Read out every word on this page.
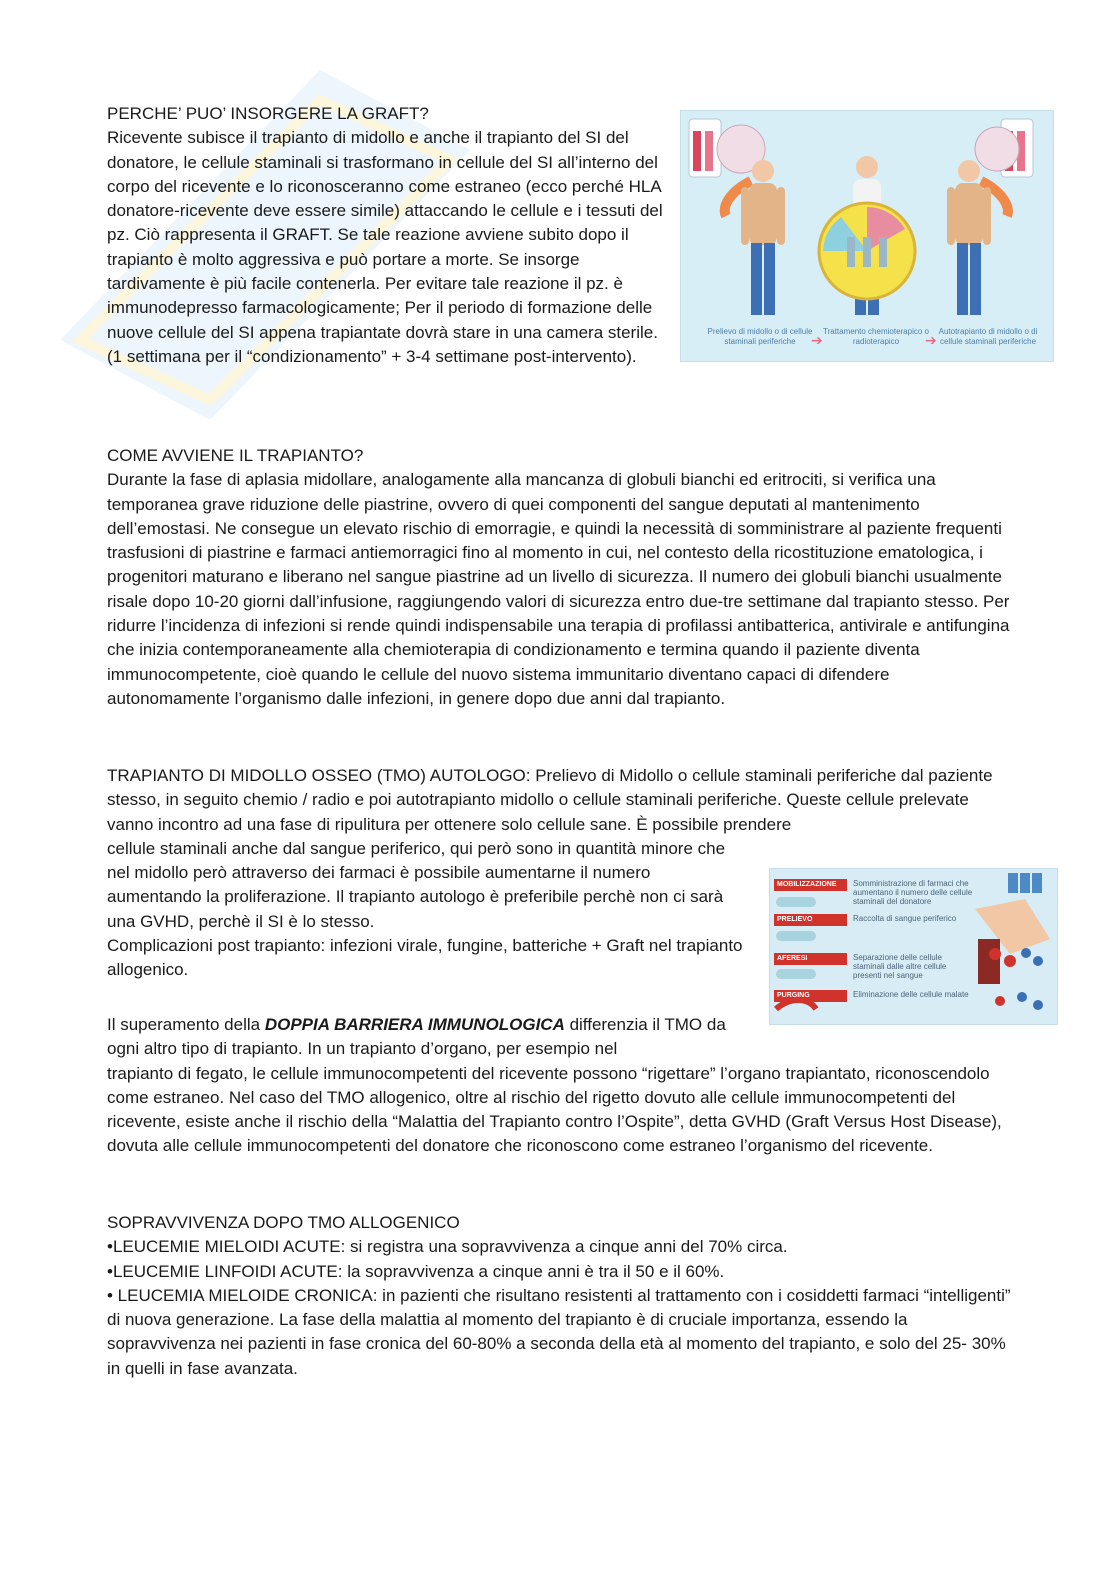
PERCHE’ PUO’ INSORGERE LA GRAFT?

Ricevente subisce il trapianto di midollo e anche il trapianto del SI del donatore, le cellule staminali si trasformano in cellule del SI all’interno del corpo del ricevente e lo riconosceranno come estraneo (ecco perché HLA donatore-ricevente deve essere simile) attaccando le cellule e i tessuti del pz. Ciò rappresenta il GRAFT. Se tale reazione avviene subito dopo il trapianto è molto aggressiva e può portare a morte. Se insorge tardivamente è più facile contenerla. Per evitare tale reazione il pz. è immunodepresso farmacologicamente; Per il periodo di formazione delle nuove cellule del SI appena trapiantate dovrà stare in una camera sterile. (1 settimana per il “condizionamento” + 3-4 settimane post-intervento).

Prelievo di midollo o di cellule staminali periferiche	➔
Trattamento chemioterapico o radioterapico	➔
Autotrapianto di midollo o di cellule staminali periferiche

COME AVVIENE IL TRAPIANTO?

Durante la fase di aplasia midollare, analogamente alla mancanza di globuli bianchi ed eritrociti, si verifica una temporanea grave riduzione delle piastrine, ovvero di quei componenti del sangue deputati al mantenimento dell’emostasi. Ne consegue un elevato rischio di emorragie, e quindi la necessità di somministrare al paziente frequenti trasfusioni di piastrine e farmaci antiemorragici fino al momento in cui, nel contesto della ricostituzione ematologica, i progenitori maturano e liberano nel sangue piastrine ad un livello di sicurezza. Il numero dei globuli bianchi usualmente risale dopo 10-20 giorni dall’infusione, raggiungendo valori di sicurezza entro due-tre settimane dal trapianto stesso. Per ridurre l’incidenza di infezioni si rende quindi indispensabile una terapia di profilassi antibatterica, antivirale e antifungina che inizia contemporaneamente alla chemioterapia di condizionamento e termina quando il paziente diventa immunocompetente, cioè quando le cellule del nuovo sistema immunitario diventano capaci di difendere autonomamente l’organismo dalle infezioni, in genere dopo due anni dal trapianto.

TRAPIANTO DI MIDOLLO OSSEO (TMO) AUTOLOGO: Prelievo di Midollo o cellule staminali periferiche dal paziente stesso, in seguito chemio / radio e poi autotrapianto midollo o cellule staminali periferiche. Queste cellule prelevate vanno incontro ad una fase di ripulitura per ottenere solo cellule sane. È possibile prendere

cellule staminali anche dal sangue periferico, qui però sono in quantità minore che nel midollo però attraverso dei farmaci è possibile aumentarne il numero aumentando la proliferazione. Il trapianto autologo è preferibile perchè non ci sarà una GVHD, perchè il SI è lo stesso.

Complicazioni post trapianto: infezioni virale, fungine, batteriche + Graft nel trapianto allogenico.

MOBILIZZAZIONE	Somministrazione di farmaci che aumentano il numero delle cellule staminali del donatore
PRELIEVO	Raccolta di sangue periferico
AFERESI	Separazione delle cellule staminali dalle altre cellule presenti nel sangue
PURGING	Eliminazione delle cellule malate

Il superamento della DOPPIA BARRIERA IMMUNOLOGICA differenzia il TMO da ogni altro tipo di trapianto. In un trapianto d’organo, per esempio nel

trapianto di fegato, le cellule immunocompetenti del ricevente possono “rigettare” l’organo trapiantato, riconoscendolo come estraneo. Nel caso del TMO allogenico, oltre al rischio del rigetto dovuto alle cellule immunocompetenti del ricevente, esiste anche il rischio della “Malattia del Trapianto contro l’Ospite”, detta GVHD (Graft Versus Host Disease), dovuta alle cellule immunocompetenti del donatore che riconoscono come estraneo l’organismo del ricevente.

SOPRAVVIVENZA DOPO TMO ALLOGENICO

•LEUCEMIE MIELOIDI ACUTE: si registra una sopravvivenza a cinque anni del 70% circa.

•LEUCEMIE LINFOIDI ACUTE: la sopravvivenza a cinque anni è tra il 50 e il 60%.

• LEUCEMIA MIELOIDE CRONICA: in pazienti che risultano resistenti al trattamento con i cosiddetti farmaci “intelligenti” di nuova generazione. La fase della malattia al momento del trapianto è di cruciale importanza, essendo la sopravvivenza nei pazienti in fase cronica del 60-80% a seconda della età al momento del trapianto, e solo del 25- 30% in quelli in fase avanzata.
